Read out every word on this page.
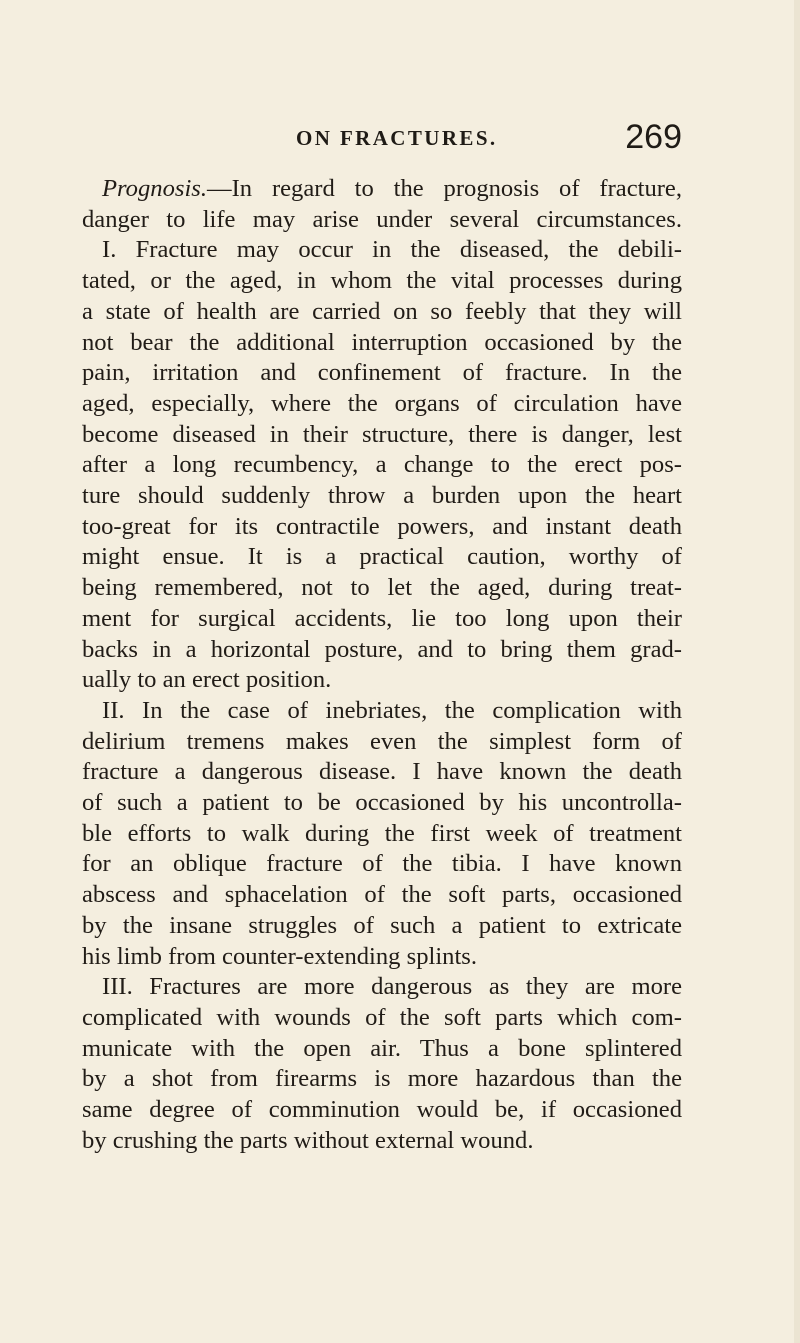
ON FRACTURES.	269
Prognosis.—In regard to the prognosis of fracture,
danger to life may arise under several circumstances.
I. Fracture may occur in the diseased, the debili-
tated, or the aged, in whom the vital processes during
a state of health are carried on so feebly that they will
not bear the additional interruption occasioned by the
pain, irritation and confinement of fracture. In the
aged, especially, where the organs of circulation have
become diseased in their structure, there is danger, lest
after a long recumbency, a change to the erect pos-
ture should suddenly throw a burden upon the heart
too-great for its contractile powers, and instant death
might ensue. It is a practical caution, worthy of
being remembered, not to let the aged, during treat-
ment for surgical accidents, lie too long upon their
backs in a horizontal posture, and to bring them grad-
ually to an erect position.
II. In the case of inebriates, the complication with
delirium tremens makes even the simplest form of
fracture a dangerous disease. I have known the death
of such a patient to be occasioned by his uncontrolla-
ble efforts to walk during the first week of treatment
for an oblique fracture of the tibia. I have known
abscess and sphacelation of the soft parts, occasioned
by the insane struggles of such a patient to extricate
his limb from counter-extending splints.
III. Fractures are more dangerous as they are more
complicated with wounds of the soft parts which com-
municate with the open air. Thus a bone splintered
by a shot from firearms is more hazardous than the
same degree of comminution would be, if occasioned
by crushing the parts without external wound.
